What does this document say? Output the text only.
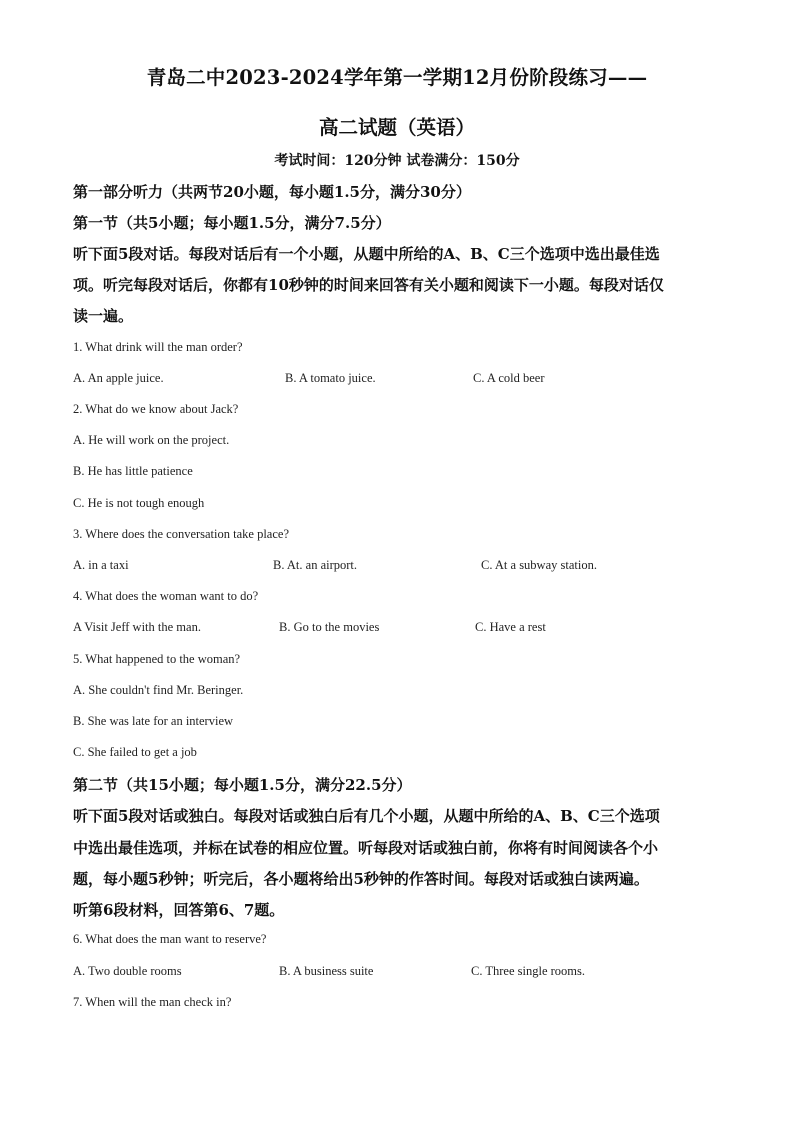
青岛二中2023-2024学年第一学期12月份阶段练习——
高二试题（英语）
考试时间：120分钟 试卷满分：150分
第一部分听力（共两节20小题，每小题1.5分，满分30分）
第一节（共5小题；每小题1.5分，满分7.5分）
听下面5段对话。每段对话后有一个小题，从题中所给的A、B、C三个选项中选出最佳选
项。听完每段对话后，你都有10秒钟的时间来回答有关小题和阅读下一小题。每段对话仅
读一遍。
1. What drink will the man order?
A. An apple juice.	B. A tomato juice.	C. A cold beer
2. What do we know about Jack?
A. He will work on the project.
B. He has little patience
C. He is not tough enough
3. Where does the conversation take place?
A. in a taxi	B. At. an airport.	C. At a subway station.
4. What does the woman want to do?
A Visit Jeff with the man.	B. Go to the movies	C. Have a rest
5. What happened to the woman?
A. She couldn't find Mr. Beringer.
B. She was late for an interview
C. She failed to get a job
第二节（共15小题；每小题1.5分，满分22.5分）
听下面5段对话或独白。每段对话或独白后有几个小题，从题中所给的A、B、C三个选项
中选出最佳选项，并标在试卷的相应位置。听每段对话或独白前，你将有时间阅读各个小
题，每小题5秒钟；听完后，各小题将给出5秒钟的作答时间。每段对话或独白读两遍。
听第6段材料，回答第6、7题。
6. What does the man want to reserve?
A. Two double rooms	B. A business suite	C. Three single rooms.
7. When will the man check in?
